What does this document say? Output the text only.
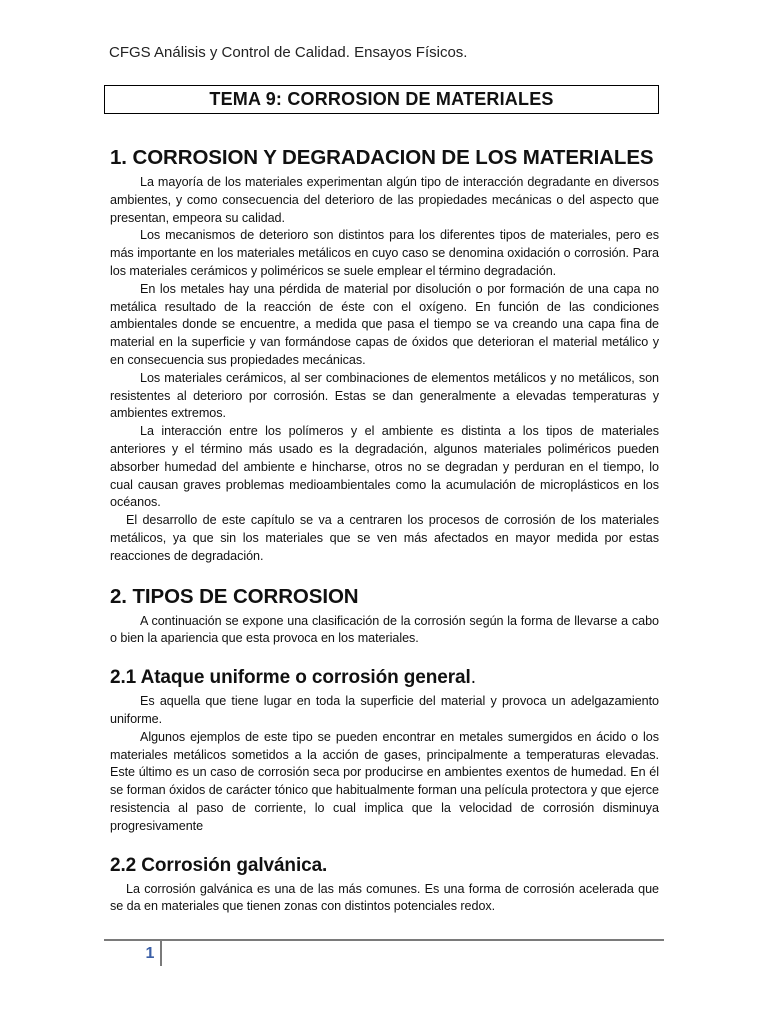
CFGS Análisis y Control de Calidad. Ensayos Físicos.
TEMA 9: CORROSION DE MATERIALES
1. CORROSION Y DEGRADACION DE LOS MATERIALES

La mayoría de los materiales experimentan algún tipo de interacción degradante en diversos ambientes, y como consecuencia del deterioro de las propiedades mecánicas o del aspecto que presentan, empeora su calidad.

Los mecanismos de deterioro son distintos para los diferentes tipos de materiales, pero es más importante en los materiales metálicos en cuyo caso se denomina oxidación o corrosión. Para los materiales cerámicos y poliméricos se suele emplear el término degradación.

En los metales hay una pérdida de material por disolución o por formación de una capa no metálica resultado de la reacción de éste con el oxígeno. En función de las condiciones ambientales donde se encuentre, a medida que pasa el tiempo se va creando una capa fina de material en la superficie y van formándose capas de óxidos que deterioran el material metálico y en consecuencia sus propiedades mecánicas.

Los materiales cerámicos, al ser combinaciones de elementos metálicos y no metálicos, son resistentes al deterioro por corrosión. Estas se dan generalmente a elevadas temperaturas y ambientes extremos.

La interacción entre los polímeros y el ambiente es distinta a los tipos de materiales anteriores y el término más usado es la degradación, algunos materiales poliméricos pueden absorber humedad del ambiente e hincharse, otros no se degradan y perduran en el tiempo, lo cual causan graves problemas medioambientales como la acumulación de microplásticos en los océanos.

El desarrollo de este capítulo se va a centraren los procesos de corrosión de los materiales metálicos, ya que sin los materiales que se ven más afectados en mayor medida por estas reacciones de degradación.

2. TIPOS DE CORROSION

A continuación se expone una clasificación de la corrosión según la forma de llevarse a cabo o bien la apariencia que esta provoca en los materiales.

2.1 Ataque uniforme o corrosión general.

Es aquella que tiene lugar en toda la superficie del material y provoca un adelgazamiento uniforme.

Algunos ejemplos de este tipo se pueden encontrar en metales sumergidos en ácido o los materiales metálicos sometidos a la acción de gases, principalmente a temperaturas elevadas. Este último es un caso de corrosión seca por producirse en ambientes exentos de humedad. En él se forman óxidos de carácter tónico que habitualmente forman una película protectora y que ejerce resistencia al paso de corriente, lo cual implica que la velocidad de corrosión disminuya progresivamente

2.2 Corrosión galvánica.

La corrosión galvánica es una de las más comunes. Es una forma de corrosión acelerada que se da en materiales que tienen zonas con distintos potenciales redox.

1
